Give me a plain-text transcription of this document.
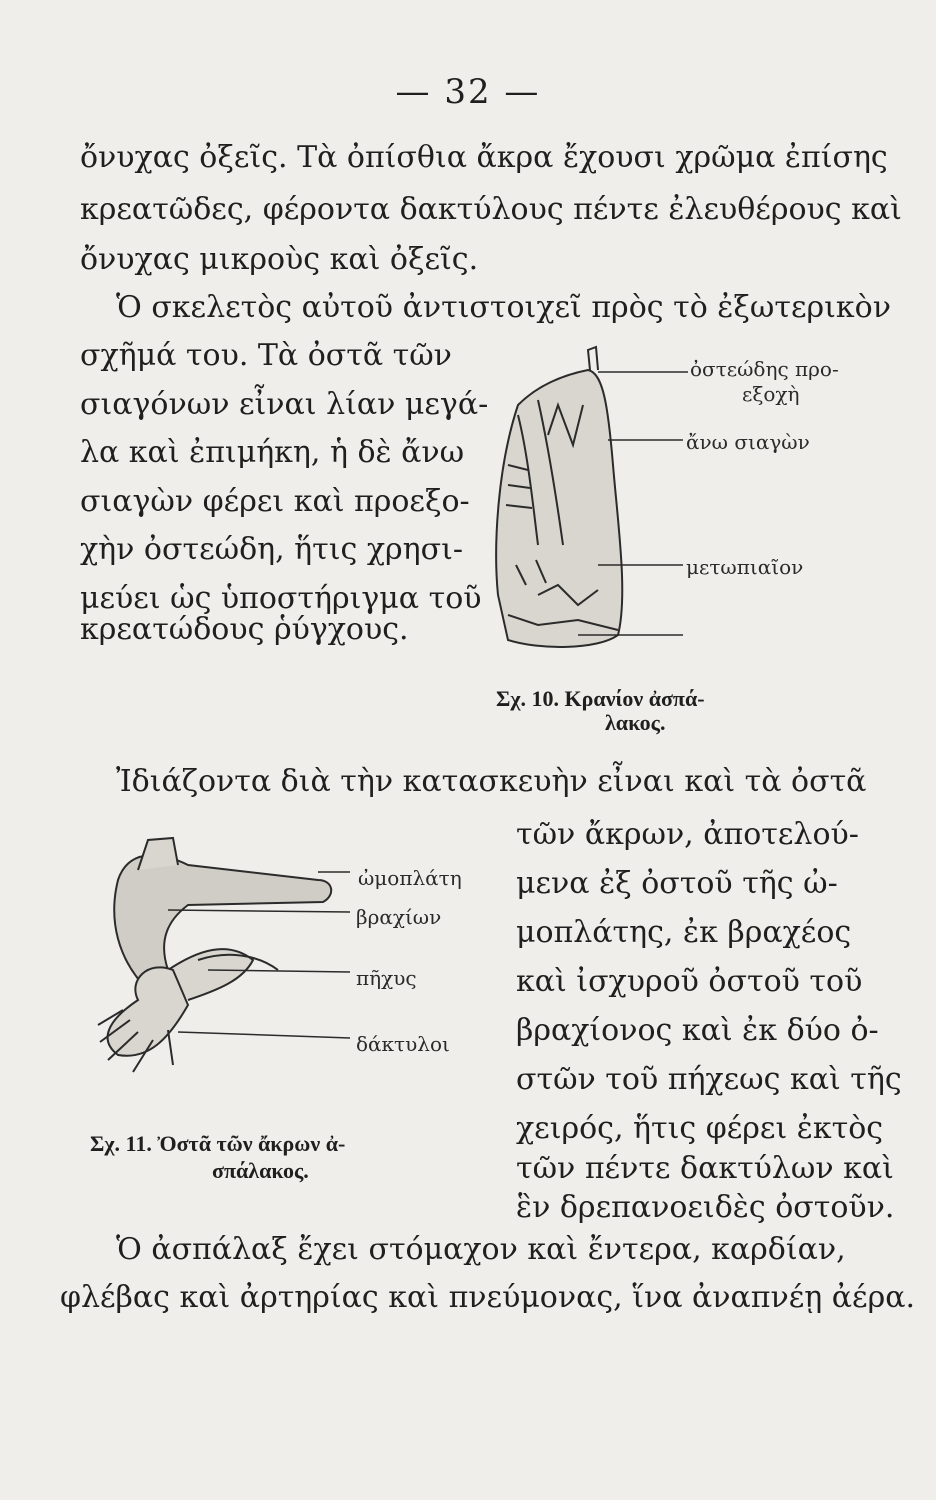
— 32 —
ὄνυχας ὀξεῖς. Τὰ ὀπίσθια ἄκρα ἔχουσι χρῶμα ἐπίσης
κρεατῶδες, φέροντα δακτύλους πέντε ἐλευθέρους καὶ
ὄνυχας μικροὺς καὶ ὀξεῖς.
Ὁ σκελετὸς αὐτοῦ ἀντιστοιχεῖ πρὸς τὸ ἐξωτερικὸν
σχῆμά του. Τὰ ὀστᾶ τῶν
σιαγόνων εἶναι λίαν μεγά-
λα καὶ ἐπιμήκη, ἡ δὲ ἄνω
σιαγὼν φέρει καὶ προεξο-
χὴν ὀστεώδη, ἥτις χρησι-
μεύει ὡς ὑποστήριγμα τοῦ
κρεατώδους ῥύγχους.
ὀστεώδης προ-
εξοχὴ
ἄνω σιαγὼν
μετωπιαῖον
Σχ. 10. Κρανίον ἀσπά-
λακος.
Ἰδιάζοντα διὰ τὴν κατασκευὴν εἶναι καὶ τὰ ὀστᾶ
τῶν ἄκρων, ἀποτελού-
μενα ἐξ ὀστοῦ τῆς ὠ-
μοπλάτης, ἐκ βραχέος
καὶ ἰσχυροῦ ὀστοῦ τοῦ
βραχίονος καὶ ἐκ δύο ὀ-
στῶν τοῦ πήχεως καὶ τῆς
χειρός, ἥτις φέρει ἐκτὸς
τῶν πέντε δακτύλων καὶ
ἓν δρεπανοειδὲς ὀστοῦν.
ὠμοπλάτη
βραχίων
πῆχυς
δάκτυλοι
Σχ. 11. Ὀστᾶ τῶν ἄκρων ἀ-
σπάλακος.
Ὁ ἀσπάλαξ ἔχει στόμαχον καὶ ἔντερα, καρδίαν,
φλέβας καὶ ἀρτηρίας καὶ πνεύμονας, ἵνα ἀναπνέῃ ἀέρα.
